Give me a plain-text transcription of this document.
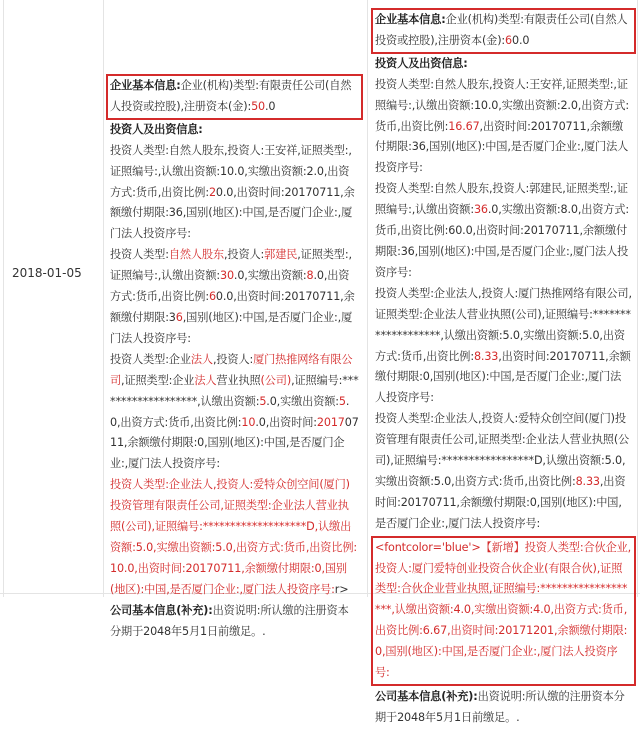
2018-01-05
企业基本信息:企业(机构)类型:有限责任公司(自然人投资或控股),注册资本(金):50.0
投资人及出资信息:
投资人类型:自然人股东,投资人:王安祥,证照类型:,证照编号:,认缴出资额:10.0,实缴出资额:2.0,出资方式:货币,出资比例:20.0,出资时间:20170711,余额缴付期限:36,国别(地区):中国,是否厦门企业:,厦门法人投资序号:
投资人类型:自然人股东,投资人:郭建民,证照类型:,证照编号:,认缴出资额:30.0,实缴出资额:8.0,出资方式:货币,出资比例:60.0,出资时间:20170711,余额缴付期限:36,国别(地区):中国,是否厦门企业:,厦门法人投资序号:
投资人类型:企业法人,投资人:厦门热推网络有限公司,证照类型:企业法人营业执照(公司),证照编号:*******************,认缴出资额:5.0,实缴出资额:5.0,出资方式:货币,出资比例:10.0,出资时间:20170711,余额缴付期限:0,国别(地区):中国,是否厦门企业:,厦门法人投资序号:
投资人类型:企业法人,投资人:爱特众创空间(厦门)投资管理有限责任公司,证照类型:企业法人营业执照(公司),证照编号:*******************D,认缴出资额:5.0,实缴出资额:5.0,出资方式:货币,出资比例:10.0,出资时间:20170711,余额缴付期限:0,国别(地区):中国,是否厦门企业:,厦门法人投资序号:r>公司基本信息(补充):出资说明:所认缴的注册资本分期于2048年5月1日前缴足。.
企业基本信息:企业(机构)类型:有限责任公司(自然人投资或控股),注册资本(金):60.0
投资人及出资信息:
投资人类型:自然人股东,投资人:王安祥,证照类型:,证照编号:,认缴出资额:10.0,实缴出资额:2.0,出资方式:货币,出资比例:16.67,出资时间:20170711,余额缴付期限:36,国别(地区):中国,是否厦门企业:,厦门法人投资序号:
投资人类型:自然人股东,投资人:郭建民,证照类型:,证照编号:,认缴出资额:36.0,实缴出资额:8.0,出资方式:货币,出资比例:60.0,出资时间:20170711,余额缴付期限:36,国别(地区):中国,是否厦门企业:,厦门法人投资序号:
投资人类型:企业法人,投资人:厦门热推网络有限公司,证照类型:企业法人营业执照(公司),证照编号:*******************,认缴出资额:5.0,实缴出资额:5.0,出资方式:货币,出资比例:8.33,出资时间:20170711,余额缴付期限:0,国别(地区):中国,是否厦门企业:,厦门法人投资序号:
投资人类型:企业法人,投资人:爱特众创空间(厦门)投资管理有限责任公司,证照类型:企业法人营业执照(公司),证照编号:*****************D,认缴出资额:5.0,实缴出资额:5.0,出资方式:货币,出资比例:8.33,出资时间:20170711,余额缴付期限:0,国别(地区):中国,是否厦门企业:,厦门法人投资序号:
<fontcolor='blue'>【新增】投资人类型:合伙企业,投资人:厦门爱特创业投资合伙企业(有限合伙),证照类型:合伙企业营业执照,证照编号:*******************,认缴出资额:4.0,实缴出资额:4.0,出资方式:货币,出资比例:6.67,出资时间:20171201,余额缴付期限:0,国别(地区):中国,是否厦门企业:,厦门法人投资序号:
公司基本信息(补充):出资说明:所认缴的注册资本分期于2048年5月1日前缴足。.
